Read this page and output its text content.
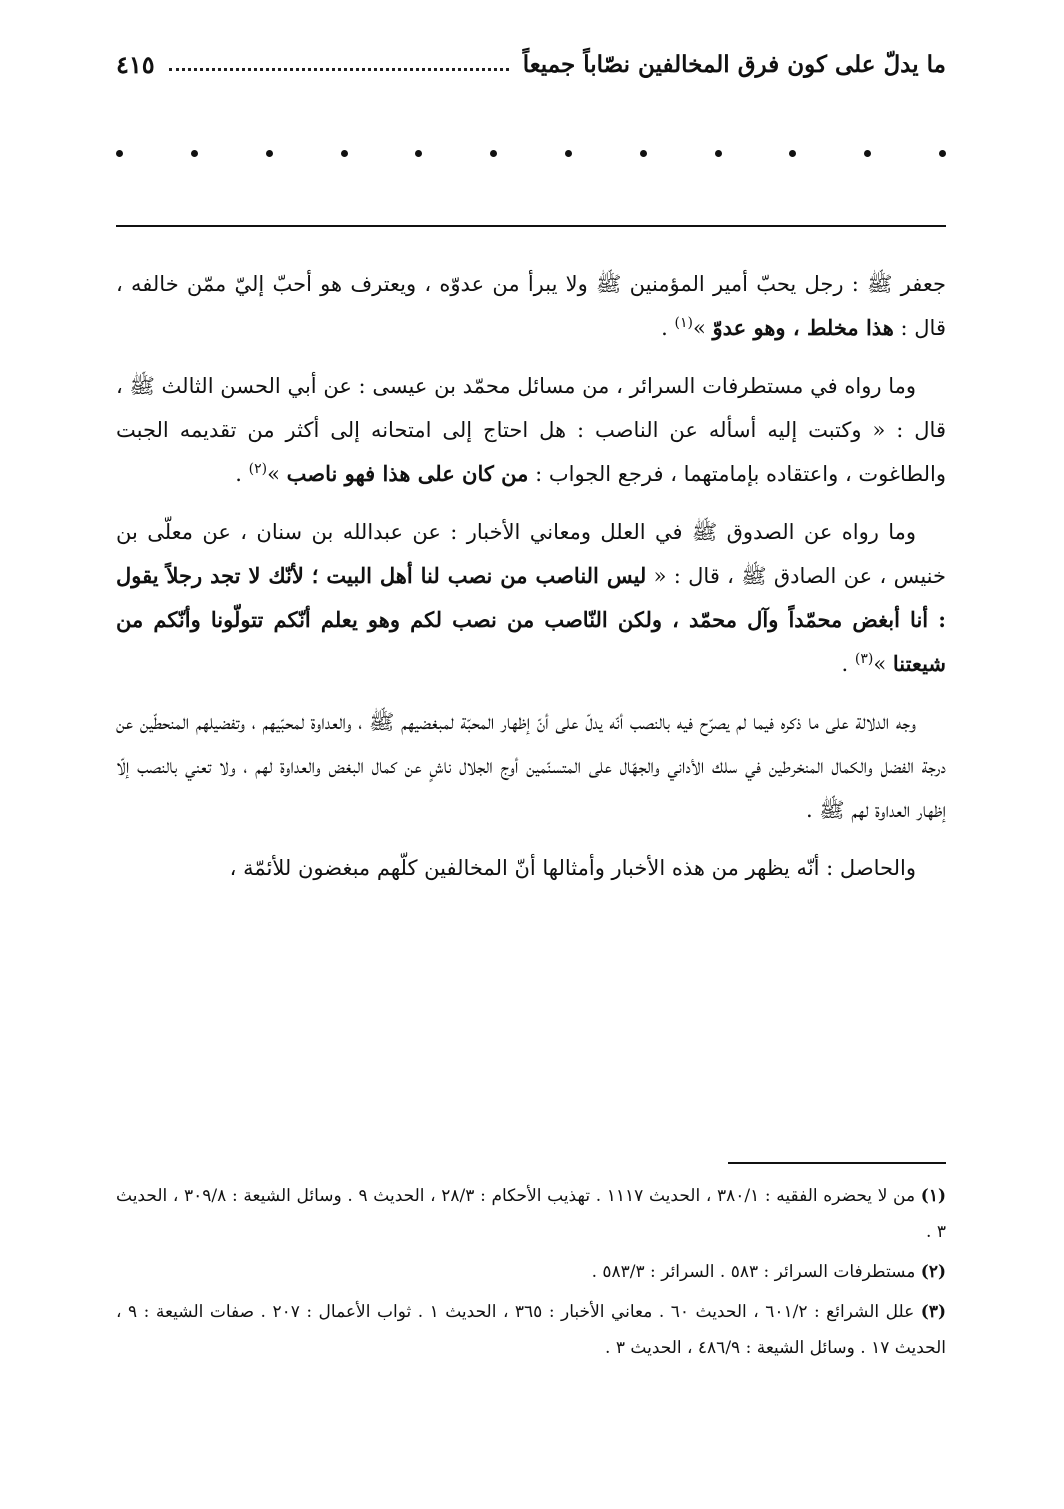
ما يدلّ على كون فرق المخالفين نصّاباً جميعاً
٤١٥

جعفر ﷺ : رجل يحبّ أمير المؤمنين ﷺ ولا يبرأ من عدوّه ، ويعترف هو أحبّ إليّ ممّن خالفه ، قال : هذا مخلط ، وهو عدوّ »$^{(١)}$ .

وما رواه في مستطرفات السرائر ، من مسائل محمّد بن عيسى : عن أبي الحسن الثالث ﷺ ، قال : « وكتبت إليه أسأله عن الناصب : هل احتاج إلى امتحانه إلى أكثر من تقديمه الجبت والطاغوت ، واعتقاده بإمامتهما ، فرجع الجواب : من كان على هذا فهو ناصب »$^{(٢)}$ .

وما رواه عن الصدوق ﷺ في العلل ومعاني الأخبار : عن عبدالله بن سنان ، عن معلّى بن خنيس ، عن الصادق ﷺ ، قال : « ليس الناصب من نصب لنا أهل البيت ؛ لأنّك لا تجد رجلاً يقول : أنا أبغض محمّداً وآل محمّد ، ولكن النّاصب من نصب لكم وهو يعلم أنّكم تتولّونا وأنّكم من شيعتنا »$^{(٣)}$ .

وجه الدلالة على ما ذكره فيما لم يصرّح فيه بالنصب أنّه يدلّ على أنّ إظهار المحبّة لمبغضيهم ﷺ ، والعداوة لمحبّيهم ، وتفضيلهم المنحطّين عن درجة الفضل والكمال المنخرطين في سلك الأداني والجهّال على المتسنّمين أوج الجلال ناشٍ عن كمال البغض والعداوة لهم ، ولا تعني بالنصب إلّا إظهار العداوة لهم ﷺ .

والحاصل : أنّه يظهر من هذه الأخبار وأمثالها أنّ المخالفين كلّهم مبغضون للأئمّة ،

(١) من لا يحضره الفقيه : ٣٨٠/١ ، الحديث ١١١٧ . تهذيب الأحكام : ٢٨/٣ ، الحديث ٩ . وسائل الشيعة : ٣٠٩/٨ ، الحديث ٣ .

(٢) مستطرفات السرائر : ٥٨٣ . السرائر : ٥٨٣/٣ .

(٣) علل الشرائع : ٦٠١/٢ ، الحديث ٦٠ . معاني الأخبار : ٣٦٥ ، الحديث ١ . ثواب الأعمال : ٢٠٧ . صفات الشيعة : ٩ ، الحديث ١٧ . وسائل الشيعة : ٤٨٦/٩ ، الحديث ٣ .
